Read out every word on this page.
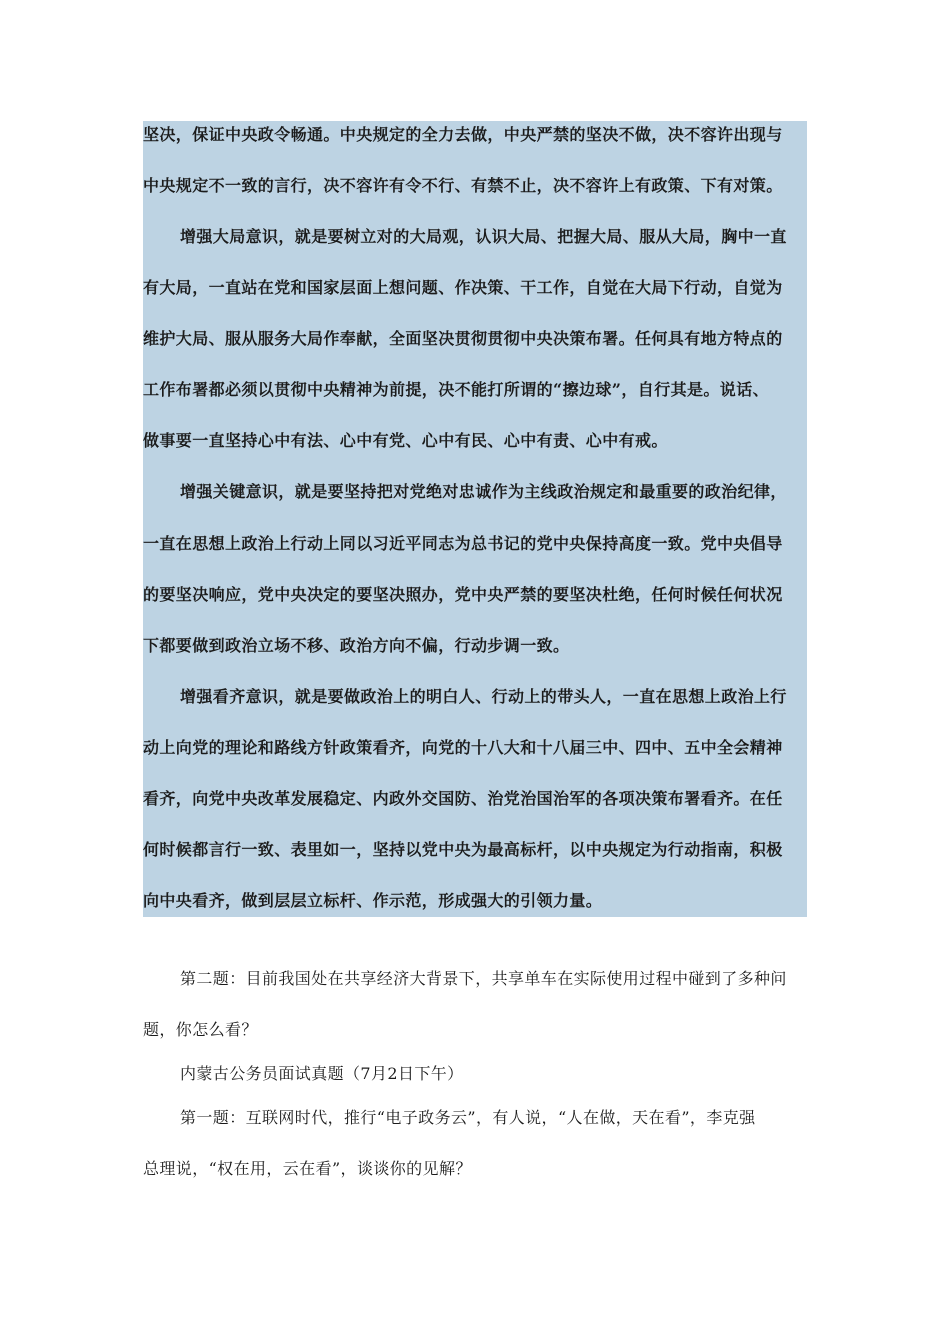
坚决，保证中央政令畅通。中央规定的全力去做，中央严禁的坚决不做，决不容许出现与
中央规定不一致的言行，决不容许有令不行、有禁不止，决不容许上有政策、下有对策。
增强大局意识，就是要树立对的大局观，认识大局、把握大局、服从大局，胸中一直
有大局，一直站在党和国家层面上想问题、作决策、干工作，自觉在大局下行动，自觉为
维护大局、服从服务大局作奉献，全面坚决贯彻贯彻中央决策布署。任何具有地方特点的
工作布署都必须以贯彻中央精神为前提，决不能打所谓的“擦边球”，自行其是。说话、
做事要一直坚持心中有法、心中有党、心中有民、心中有责、心中有戒。
增强关键意识，就是要坚持把对党绝对忠诚作为主线政治规定和最重要的政治纪律，
一直在思想上政治上行动上同以习近平同志为总书记的党中央保持高度一致。党中央倡导
的要坚决响应，党中央决定的要坚决照办，党中央严禁的要坚决杜绝，任何时候任何状况
下都要做到政治立场不移、政治方向不偏，行动步调一致。
增强看齐意识，就是要做政治上的明白人、行动上的带头人，一直在思想上政治上行
动上向党的理论和路线方针政策看齐，向党的十八大和十八届三中、四中、五中全会精神
看齐，向党中央改革发展稳定、内政外交国防、治党治国治军的各项决策布署看齐。在任
何时候都言行一致、表里如一，坚持以党中央为最高标杆，以中央规定为行动指南，积极
向中央看齐，做到层层立标杆、作示范，形成强大的引领力量。
第二题：目前我国处在共享经济大背景下，共享单车在实际使用过程中碰到了多种问
题，你怎么看？
内蒙古公务员面试真题（7月2日下午）
第一题：互联网时代，推行“电子政务云”，有人说，“人在做，天在看”，李克强
总理说，“权在用，云在看”，谈谈你的见解？
